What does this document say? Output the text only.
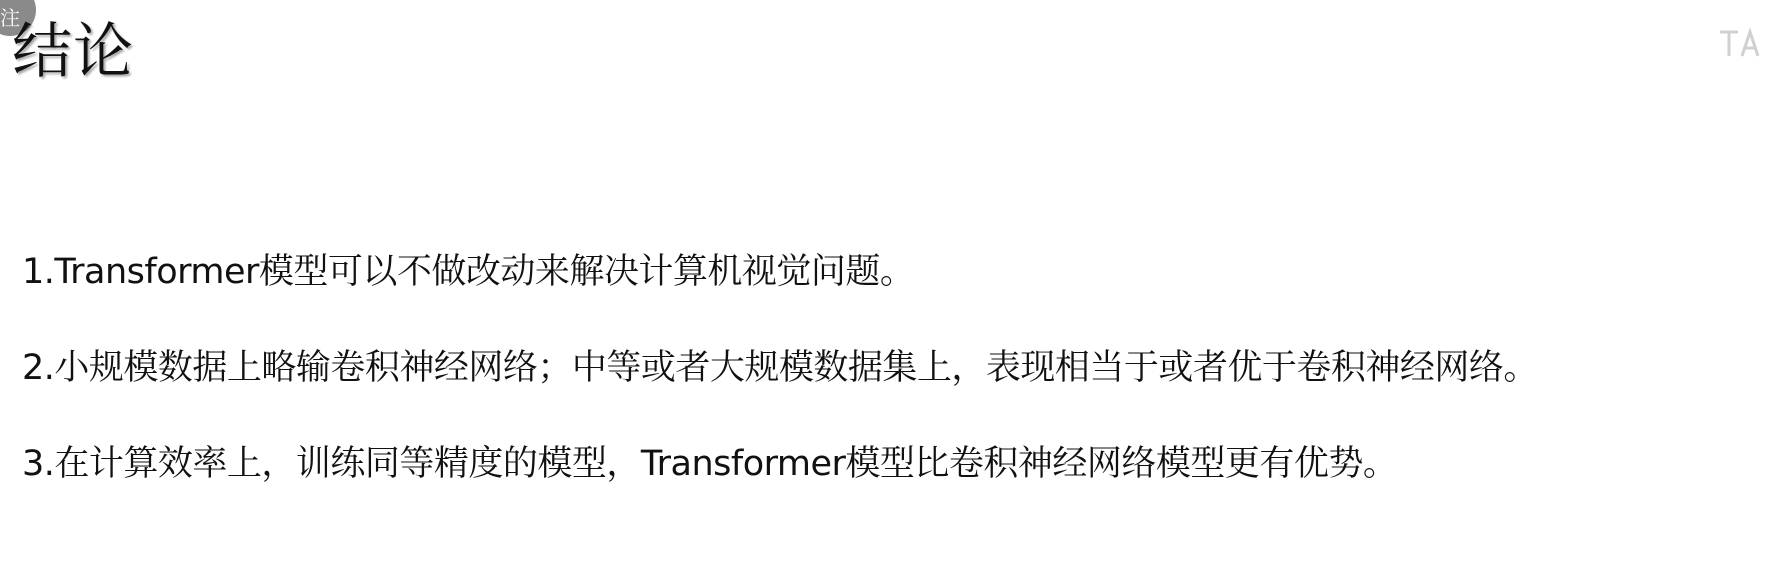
注
结论
1.Transformer模型可以不做改动来解决计算机视觉问题。
2.小规模数据上略输卷积神经网络；中等或者大规模数据集上，表现相当于或者优于卷积神经网络。
3.在计算效率上，训练同等精度的模型，Transformer模型比卷积神经网络模型更有优势。
